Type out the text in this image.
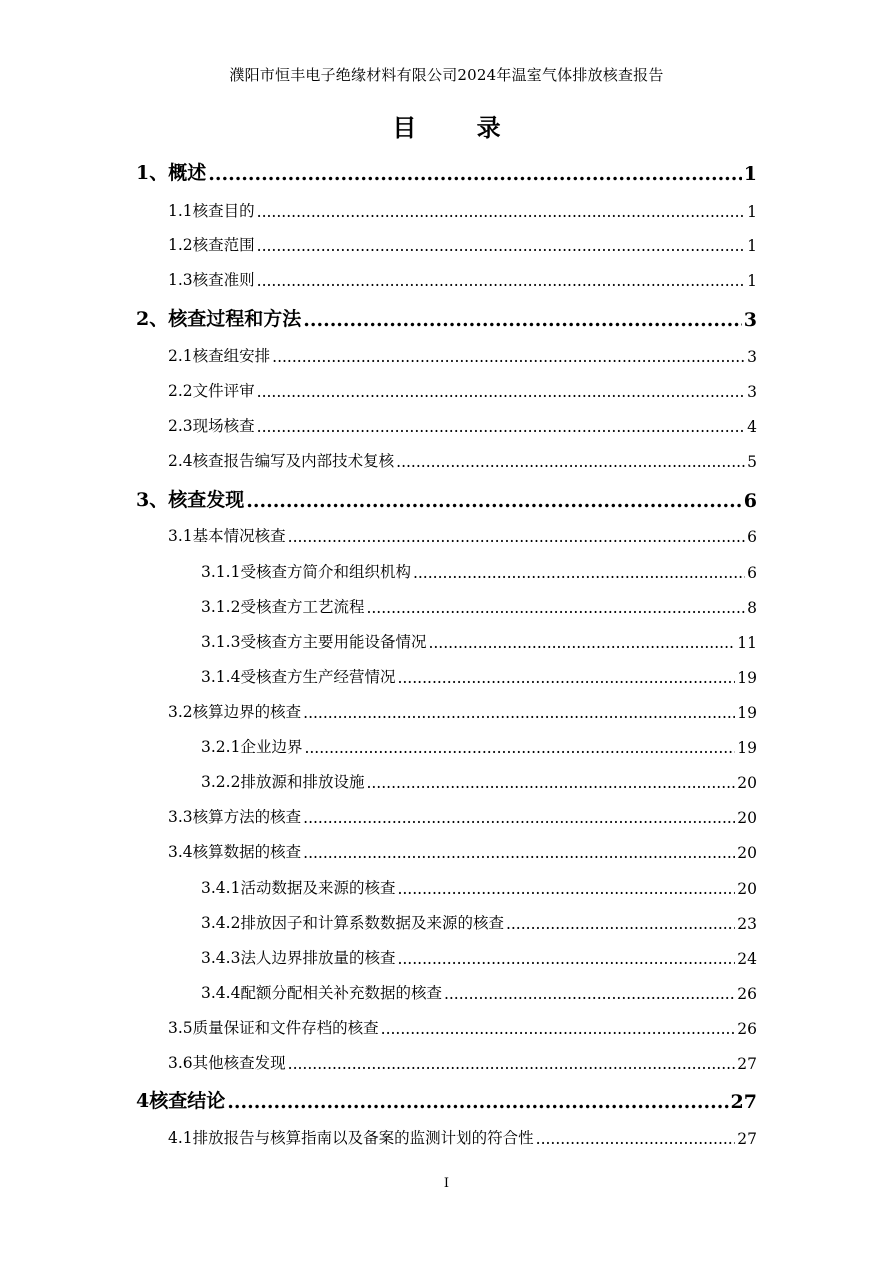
濮阳市恒丰电子绝缘材料有限公司2024年温室气体排放核查报告
目 录
1、概述 .....	1
1.1核查目的 .....	1
1.2核查范围 .....	1
1.3核查准则 .....	1
2、核查过程和方法 .....	3
2.1核查组安排 .....	3
2.2文件评审 .....	3
2.3现场核查 .....	4
2.4核查报告编写及内部技术复核 .....	5
3、核查发现 .....	6
3.1基本情况核查 .....	6
3.1.1受核查方简介和组织机构 .....	6
3.1.2受核查方工艺流程 .....	8
3.1.3受核查方主要用能设备情况 .....	11
3.1.4受核查方生产经营情况 .....	19
3.2核算边界的核查 .....	19
3.2.1企业边界 .....	19
3.2.2排放源和排放设施 .....	20
3.3核算方法的核查 .....	20
3.4核算数据的核查 .....	20
3.4.1活动数据及来源的核查 .....	20
3.4.2排放因子和计算系数数据及来源的核查 .....	23
3.4.3法人边界排放量的核查 .....	24
3.4.4配额分配相关补充数据的核查 .....	26
3.5质量保证和文件存档的核查 .....	26
3.6其他核查发现 .....	27
4核查结论 .....	27
4.1排放报告与核算指南以及备案的监测计划的符合性 .....	27
I
